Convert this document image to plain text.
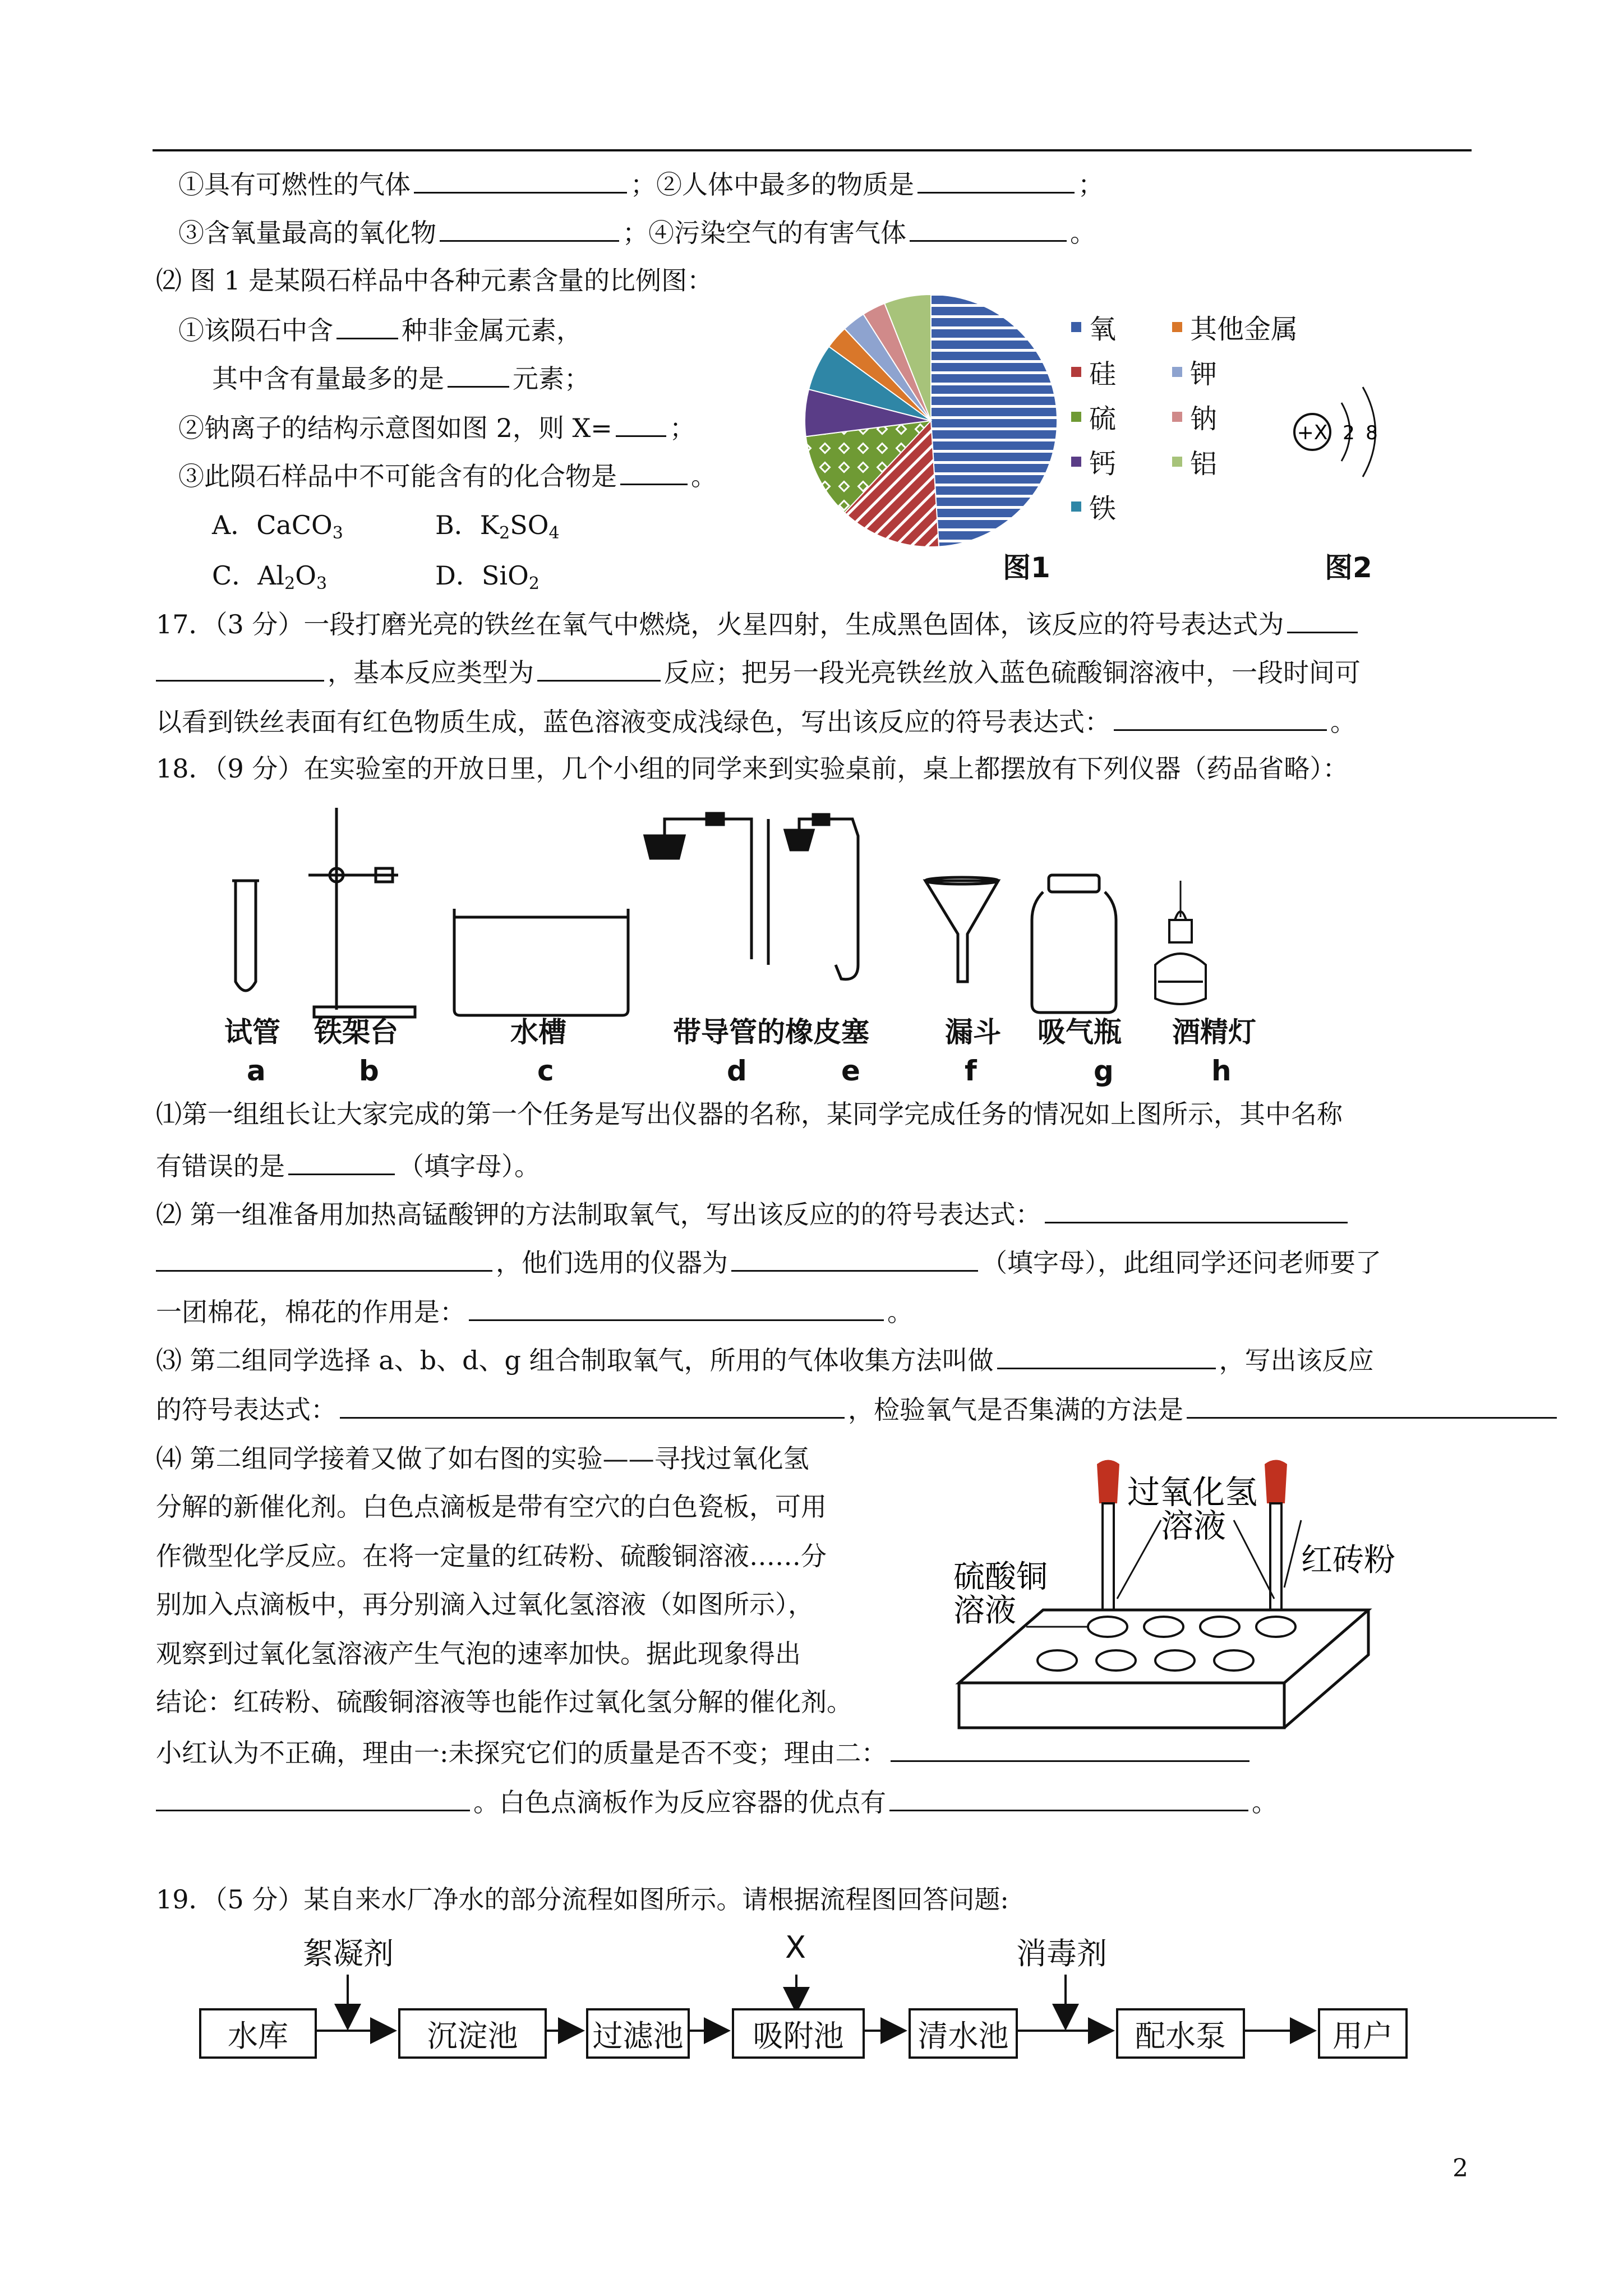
①具有可燃性的气体	；②人体中最多的物质是	；
③含氧量最高的氧化物	；④污染空气的有害气体	。
⑵ 图 1 是某陨石样品中各种元素含量的比例图：
①该陨石中含	种非金属元素，
其中含有量最多的是	元素；
②钠离子的结构示意图如图 2，则 X= ；
③此陨石样品中不可能含有的化合物是	。
A．CaCO$_3$	B．$K_2SO_4$
C．$Al_2O_3$	D．SiO$_2$
氧	其他金属
硅	钾
硫	钠
钙	铝
铁
图1
+X 2 8
图2
17．（3 分）一段打磨光亮的铁丝在氧气中燃烧，火星四射，生成黑色固体，该反应的符号表达式为
，基本反应类型为	反应；把另一段光亮铁丝放入蓝色硫酸铜溶液中，一段时间可
以看到铁丝表面有红色物质生成，蓝色溶液变成浅绿色，写出该反应的符号表达式：	。
18．（9 分）在实验室的开放日里，几个小组的同学来到实验桌前，桌上都摆放有下列仪器（药品省略）：
试管 铁架台	水槽	带导管的橡皮塞	漏斗 吸气瓶 酒精灯
a	b	c	d	e	f	g	h
⑴第一组组长让大家完成的第一个任务是写出仪器的名称，某同学完成任务的情况如上图所示，其中名称
有错误的是	（填字母）。
⑵ 第一组准备用加热高锰酸钾的方法制取氧气，写出该反应的的符号表达式：
，他们选用的仪器为	（填字母），此组同学还问老师要了
一团棉花，棉花的作用是：	。
⑶ 第二组同学选择 a、b、d、g 组合制取氧气，所用的气体收集方法叫做	，写出该反应
的符号表达式：	，检验氧气是否集满的方法是
⑷ 第二组同学接着又做了如右图的实验——寻找过氧化氢
分解的新催化剂。白色点滴板是带有空穴的白色瓷板，可用
作微型化学反应。在将一定量的红砖粉、硫酸铜溶液……分
别加入点滴板中，再分别滴入过氧化氢溶液（如图所示），
观察到过氧化氢溶液产生气泡的速率加快。据此现象得出
结论：红砖粉、硫酸铜溶液等也能作过氧化氢分解的催化剂。
小红认为不正确，理由一:未探究它们的质量是否不变；理由二：
。白色点滴板作为反应容器的优点有	。
过氧化氢
溶液
硫酸铜
溶液
红砖粉
19．（5 分）某自来水厂净水的部分流程如图所示。请根据流程图回答问题:
絮凝剂	X	消毒剂
水库	沉淀池	过滤池	吸附池	清水池	配水泵	用户
2
